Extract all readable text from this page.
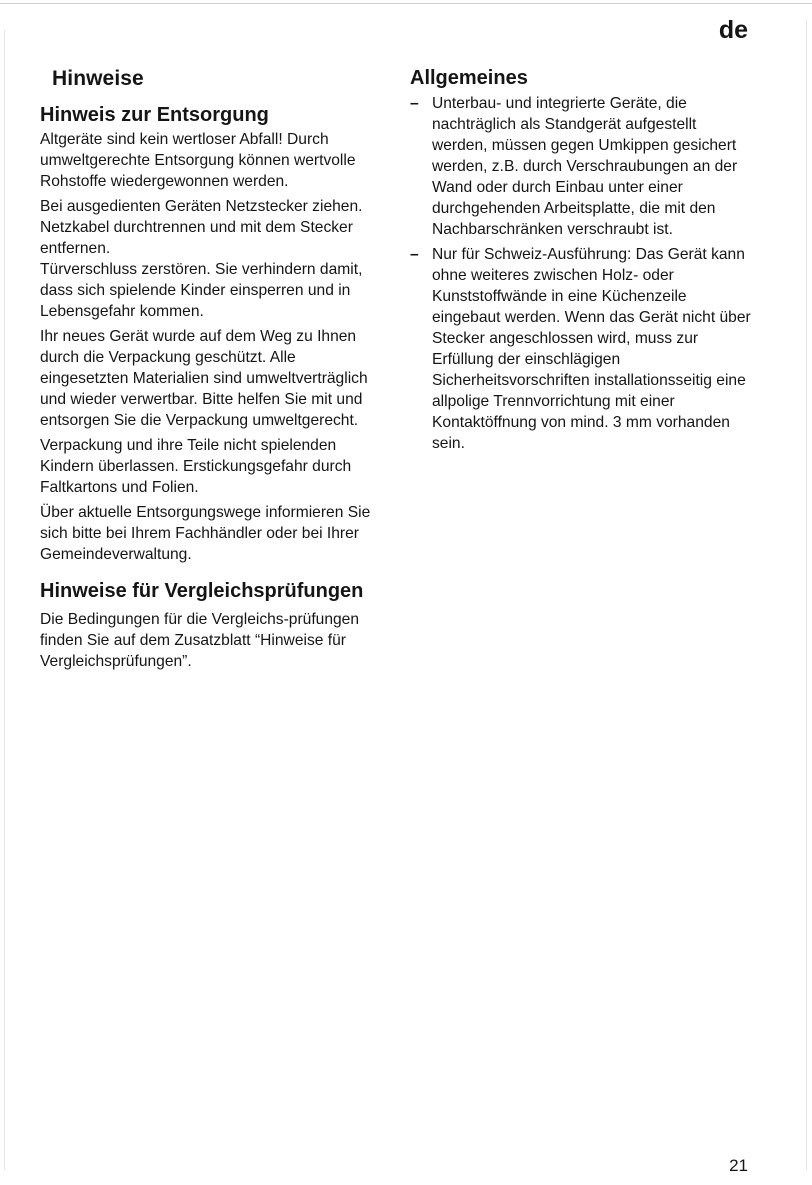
de

Hinweise
Hinweis zur Entsorgung

Altgeräte sind kein wertloser Abfall! Durch umweltgerechte Entsorgung können wertvolle Rohstoffe wiedergewonnen werden.

Bei ausgedienten Geräten Netzstecker ziehen. Netzkabel durchtrennen und mit dem Stecker entfernen.

Türverschluss zerstören. Sie verhindern damit, dass sich spielende Kinder einsperren und in Lebensgefahr kommen.

Ihr neues Gerät wurde auf dem Weg zu Ihnen durch die Verpackung geschützt. Alle eingesetzten Materialien sind umweltverträglich und wieder verwertbar. Bitte helfen Sie mit und entsorgen Sie die Verpackung umweltgerecht.

Verpackung und ihre Teile nicht spielenden Kindern überlassen. Erstickungsgefahr durch Faltkartons und Folien.

Über aktuelle Entsorgungswege informieren Sie sich bitte bei Ihrem Fachhändler oder bei Ihrer Gemeindeverwaltung.

Hinweise für Vergleichsprüfungen

Die Bedingungen für die Vergleichs-prüfungen finden Sie auf dem Zusatzblatt “Hinweise für Vergleichsprüfungen”.

Allgemeines
– Unterbau- und integrierte Geräte, die nachträglich als Standgerät aufgestellt werden, müssen gegen Umkippen gesichert werden, z.B. durch Verschraubungen an der Wand oder durch Einbau unter einer durchgehenden Arbeitsplatte, die mit den Nachbarschränken verschraubt ist.
– Nur für Schweiz-Ausführung: Das Gerät kann ohne weiteres zwischen Holz- oder Kunststoffwände in eine Küchenzeile eingebaut werden. Wenn das Gerät nicht über Stecker angeschlossen wird, muss zur Erfüllung der einschlägigen Sicherheitsvorschriften installationsseitig eine allpolige Trennvorrichtung mit einer Kontaktöffnung von mind. 3 mm vorhanden sein.

21
